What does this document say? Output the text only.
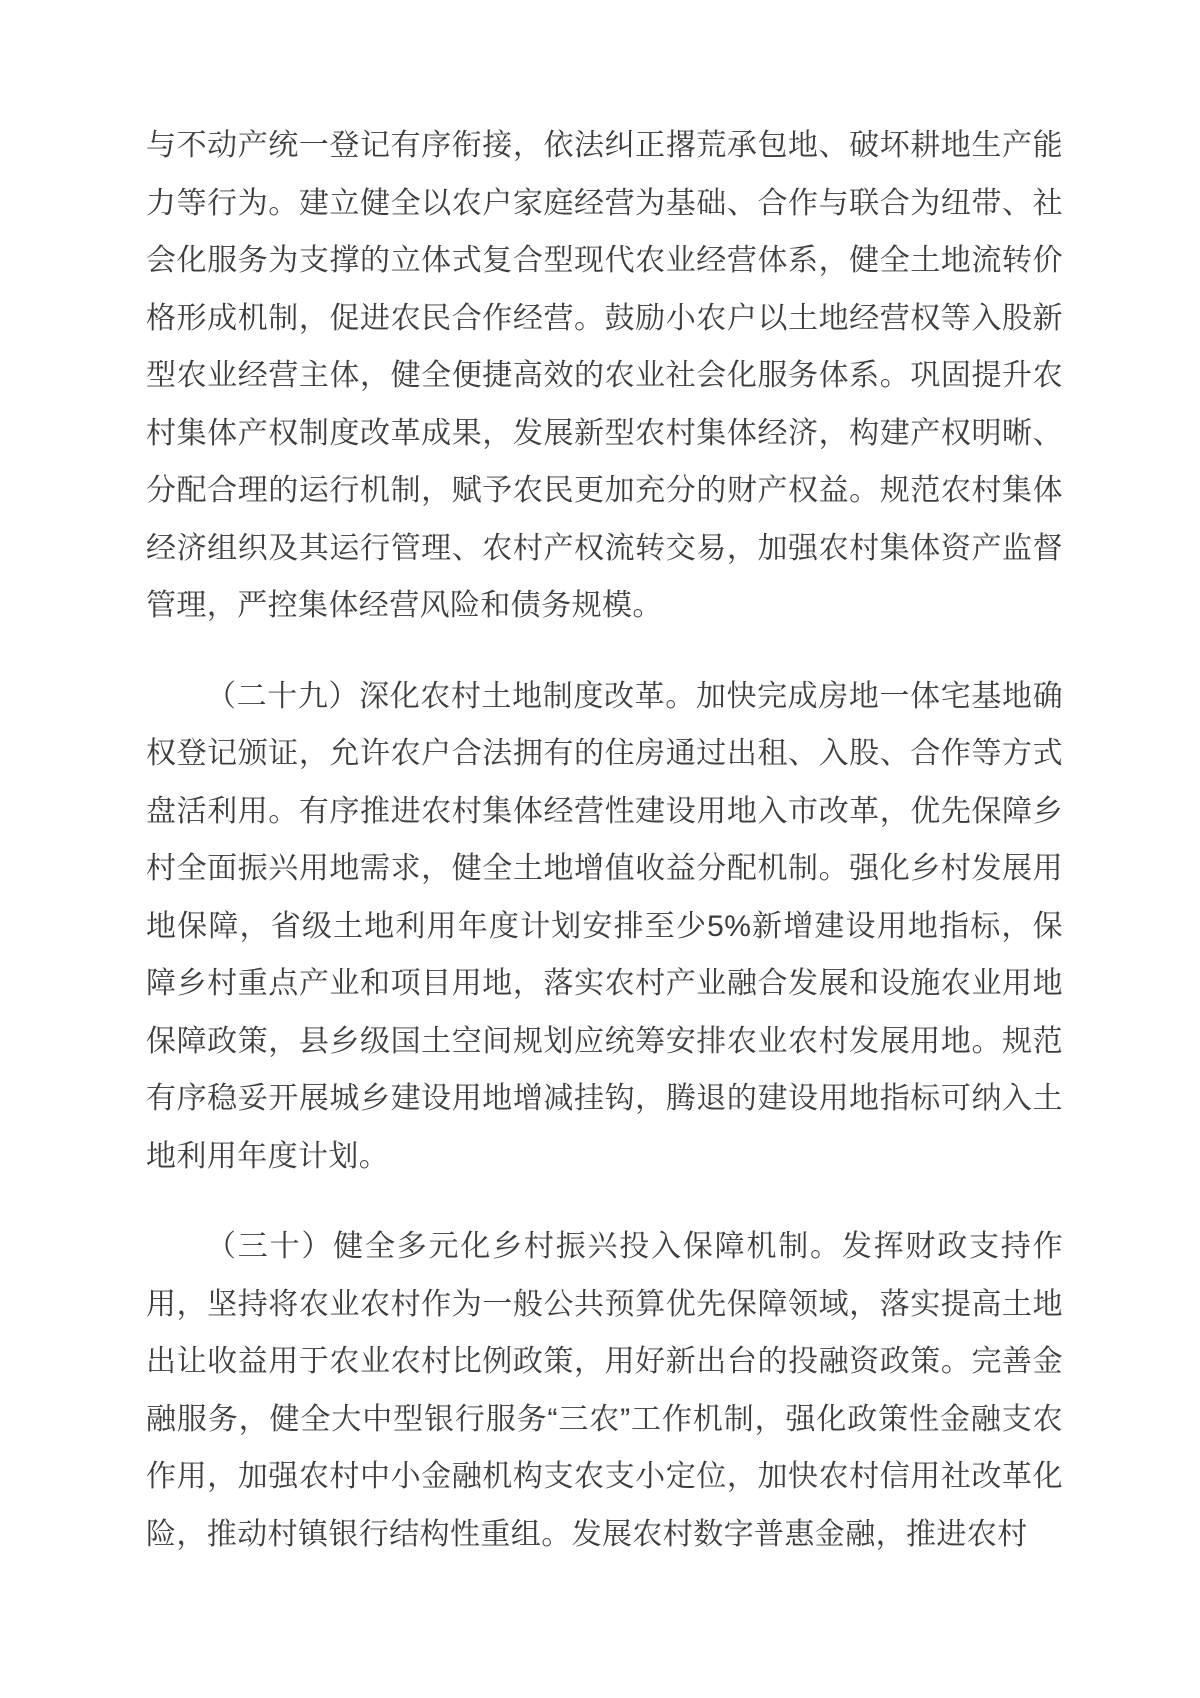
与不动产统一登记有序衔接，依法纠正撂荒承包地、破坏耕地生产能力等行为。建立健全以农户家庭经营为基础、合作与联合为纽带、社会化服务为支撑的立体式复合型现代农业经营体系，健全土地流转价格形成机制，促进农民合作经营。鼓励小农户以土地经营权等入股新型农业经营主体，健全便捷高效的农业社会化服务体系。巩固提升农村集体产权制度改革成果，发展新型农村集体经济，构建产权明晰、分配合理的运行机制，赋予农民更加充分的财产权益。规范农村集体经济组织及其运行管理、农村产权流转交易，加强农村集体资产监督管理，严控集体经营风险和债务规模。

（二十九）深化农村土地制度改革。加快完成房地一体宅基地确权登记颁证，允许农户合法拥有的住房通过出租、入股、合作等方式盘活利用。有序推进农村集体经营性建设用地入市改革，优先保障乡村全面振兴用地需求，健全土地增值收益分配机制。强化乡村发展用地保障，省级土地利用年度计划安排至少5%新增建设用地指标，保障乡村重点产业和项目用地，落实农村产业融合发展和设施农业用地保障政策，县乡级国土空间规划应统筹安排农业农村发展用地。规范有序稳妥开展城乡建设用地增减挂钩，腾退的建设用地指标可纳入土地利用年度计划。

（三十）健全多元化乡村振兴投入保障机制。发挥财政支持作用，坚持将农业农村作为一般公共预算优先保障领域，落实提高土地出让收益用于农业农村比例政策，用好新出台的投融资政策。完善金融服务，健全大中型银行服务“三农”工作机制，强化政策性金融支农作用，加强农村中小金融机构支农支小定位，加快农村信用社改革化险，推动村镇银行结构性重组。发展农村数字普惠金融，推进农村
